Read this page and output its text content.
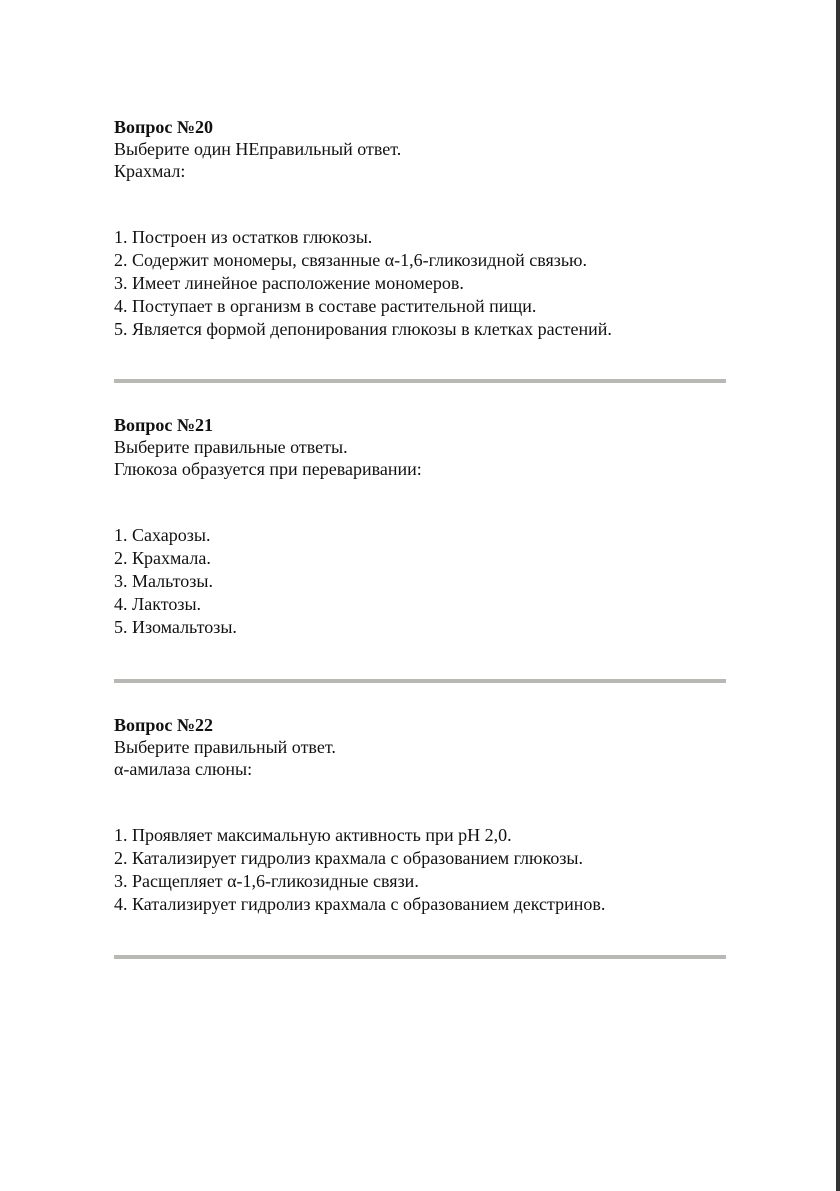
Вопрос №20
Выберите один НЕправильный ответ.
Крахмал:
1. Построен из остатков глюкозы.
2. Содержит мономеры, связанные α-1,6-гликозидной связью.
3. Имеет линейное расположение мономеров.
4. Поступает в организм в составе растительной пищи.
5. Является формой депонирования глюкозы в клетках растений.
Вопрос №21
Выберите правильные ответы.
Глюкоза образуется при переваривании:
1. Сахарозы.
2. Крахмала.
3. Мальтозы.
4. Лактозы.
5. Изомальтозы.
Вопрос №22
Выберите правильный ответ.
α-амилаза слюны:
1. Проявляет максимальную активность при pH 2,0.
2. Катализирует гидролиз крахмала с образованием глюкозы.
3. Расщепляет α-1,6-гликозидные связи.
4. Катализирует гидролиз крахмала с образованием декстринов.
